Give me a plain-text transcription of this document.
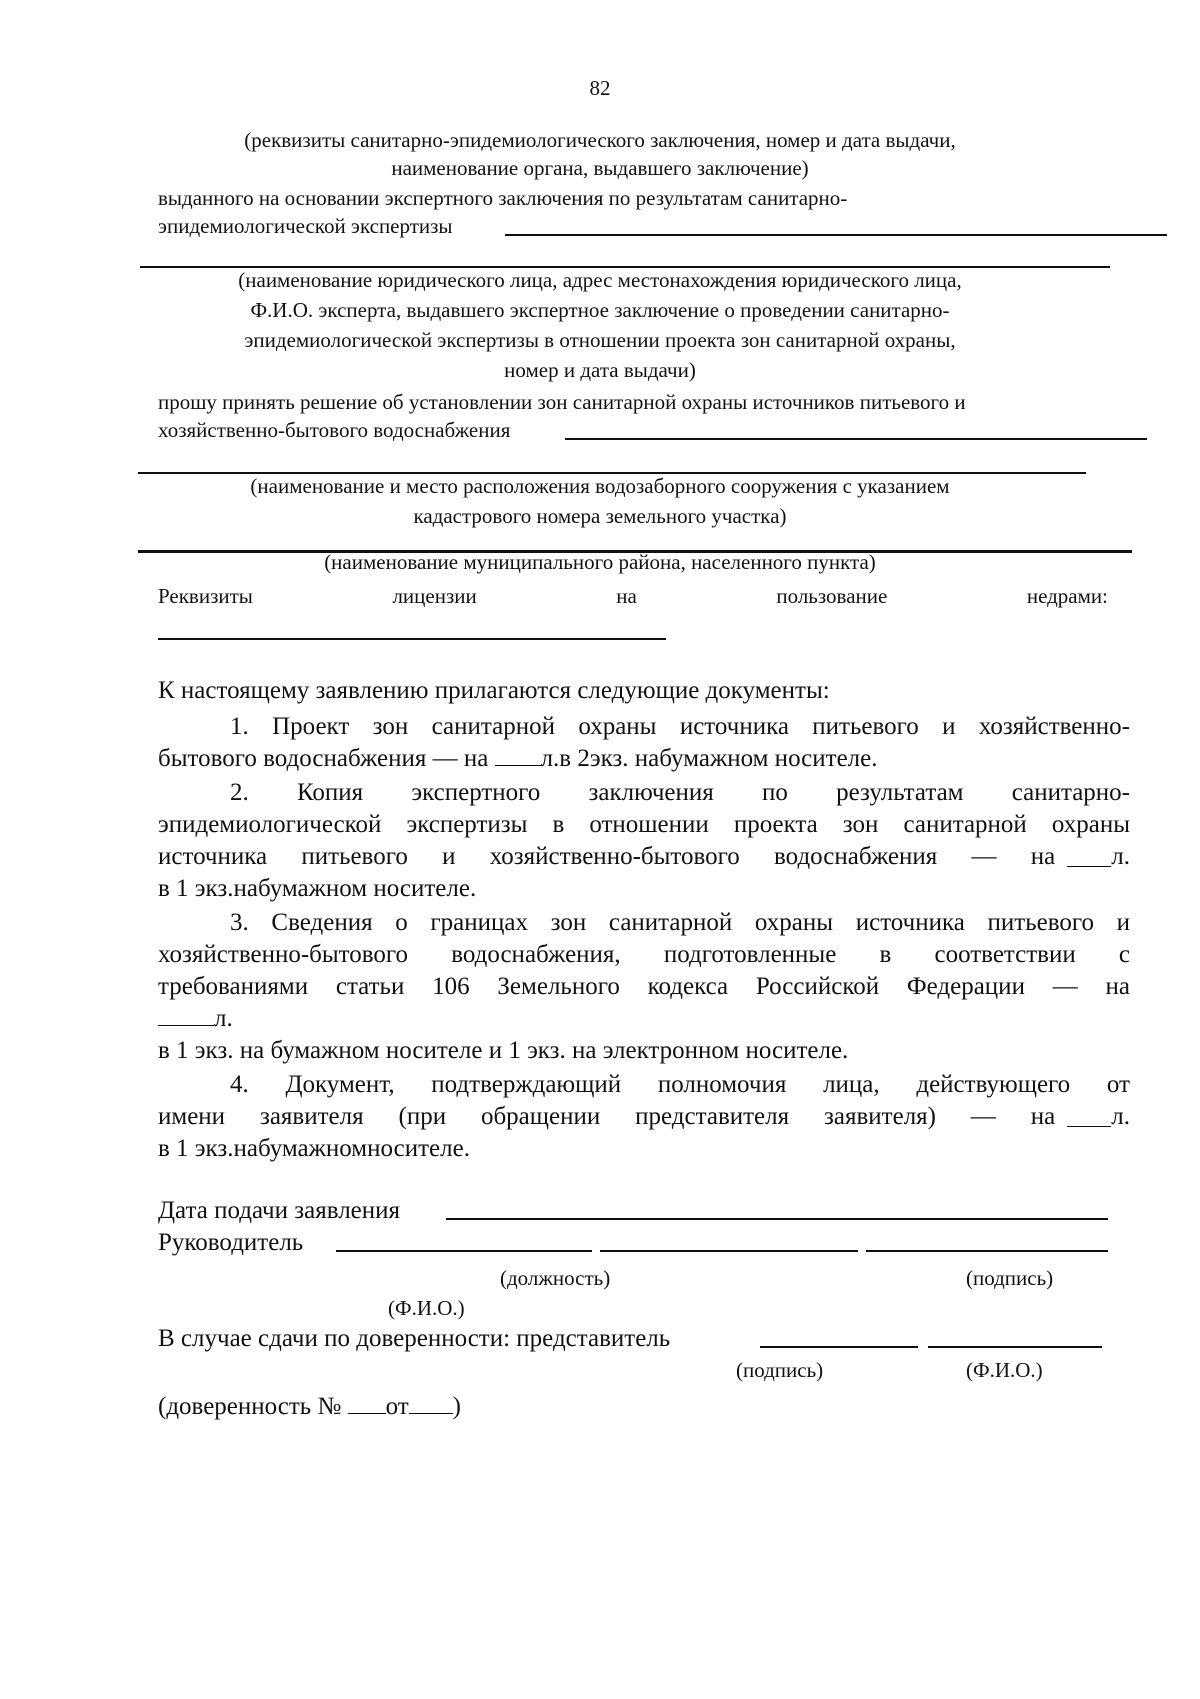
82
(реквизиты санитарно-эпидемиологического заключения, номер и дата выдачи,
наименование органа, выдавшего заключение)
выданного на основании экспертного заключения по результатам санитарно-
эпидемиологической экспертизы
(наименование юридического лица, адрес местонахождения юридического лица,
Ф.И.О. эксперта, выдавшего экспертное заключение о проведении санитарно-
эпидемиологической экспертизы в отношении проекта зон санитарной охраны,
номер и дата выдачи)
прошу принять решение об установлении зон санитарной охраны источников питьевого и
хозяйственно-бытового водоснабжения
(наименование и место расположения водозаборного сооружения с указанием
кадастрового номера земельного участка)
(наименование муниципального района, населенного пункта)
Реквизиты	лицензии	на	пользование	недрами:
К настоящему заявлению прилагаются следующие документы:
1. Проект зон санитарной охраны источника питьевого и хозяйственно-
бытового водоснабжения — на л.в 2экз. набумажном носителе.
2. Копия экспертного заключения по результатам санитарно-
эпидемиологической экспертизы в отношении проекта зон санитарной охраны
источника питьевого и хозяйственно-бытового водоснабжения — на л.
в 1 экз.набумажном носителе.
3. Сведения о границах зон санитарной охраны источника питьевого и
хозяйственно-бытового водоснабжения, подготовленные в соответствии с
требованиями статьи 106 Земельного кодекса Российской Федерации — на
л.
в 1 экз. на бумажном носителе и 1 экз. на электронном носителе.
4. Документ, подтверждающий полномочия лица, действующего от
имени заявителя (при обращении представителя заявителя) — на л.
в 1 экз.набумажномносителе.
Дата подачи заявления
Руководитель
(должность)	(подпись)
(Ф.И.О.)
В случае сдачи по доверенности: представитель
(подпись)	(Ф.И.О.)
(доверенность № от )
